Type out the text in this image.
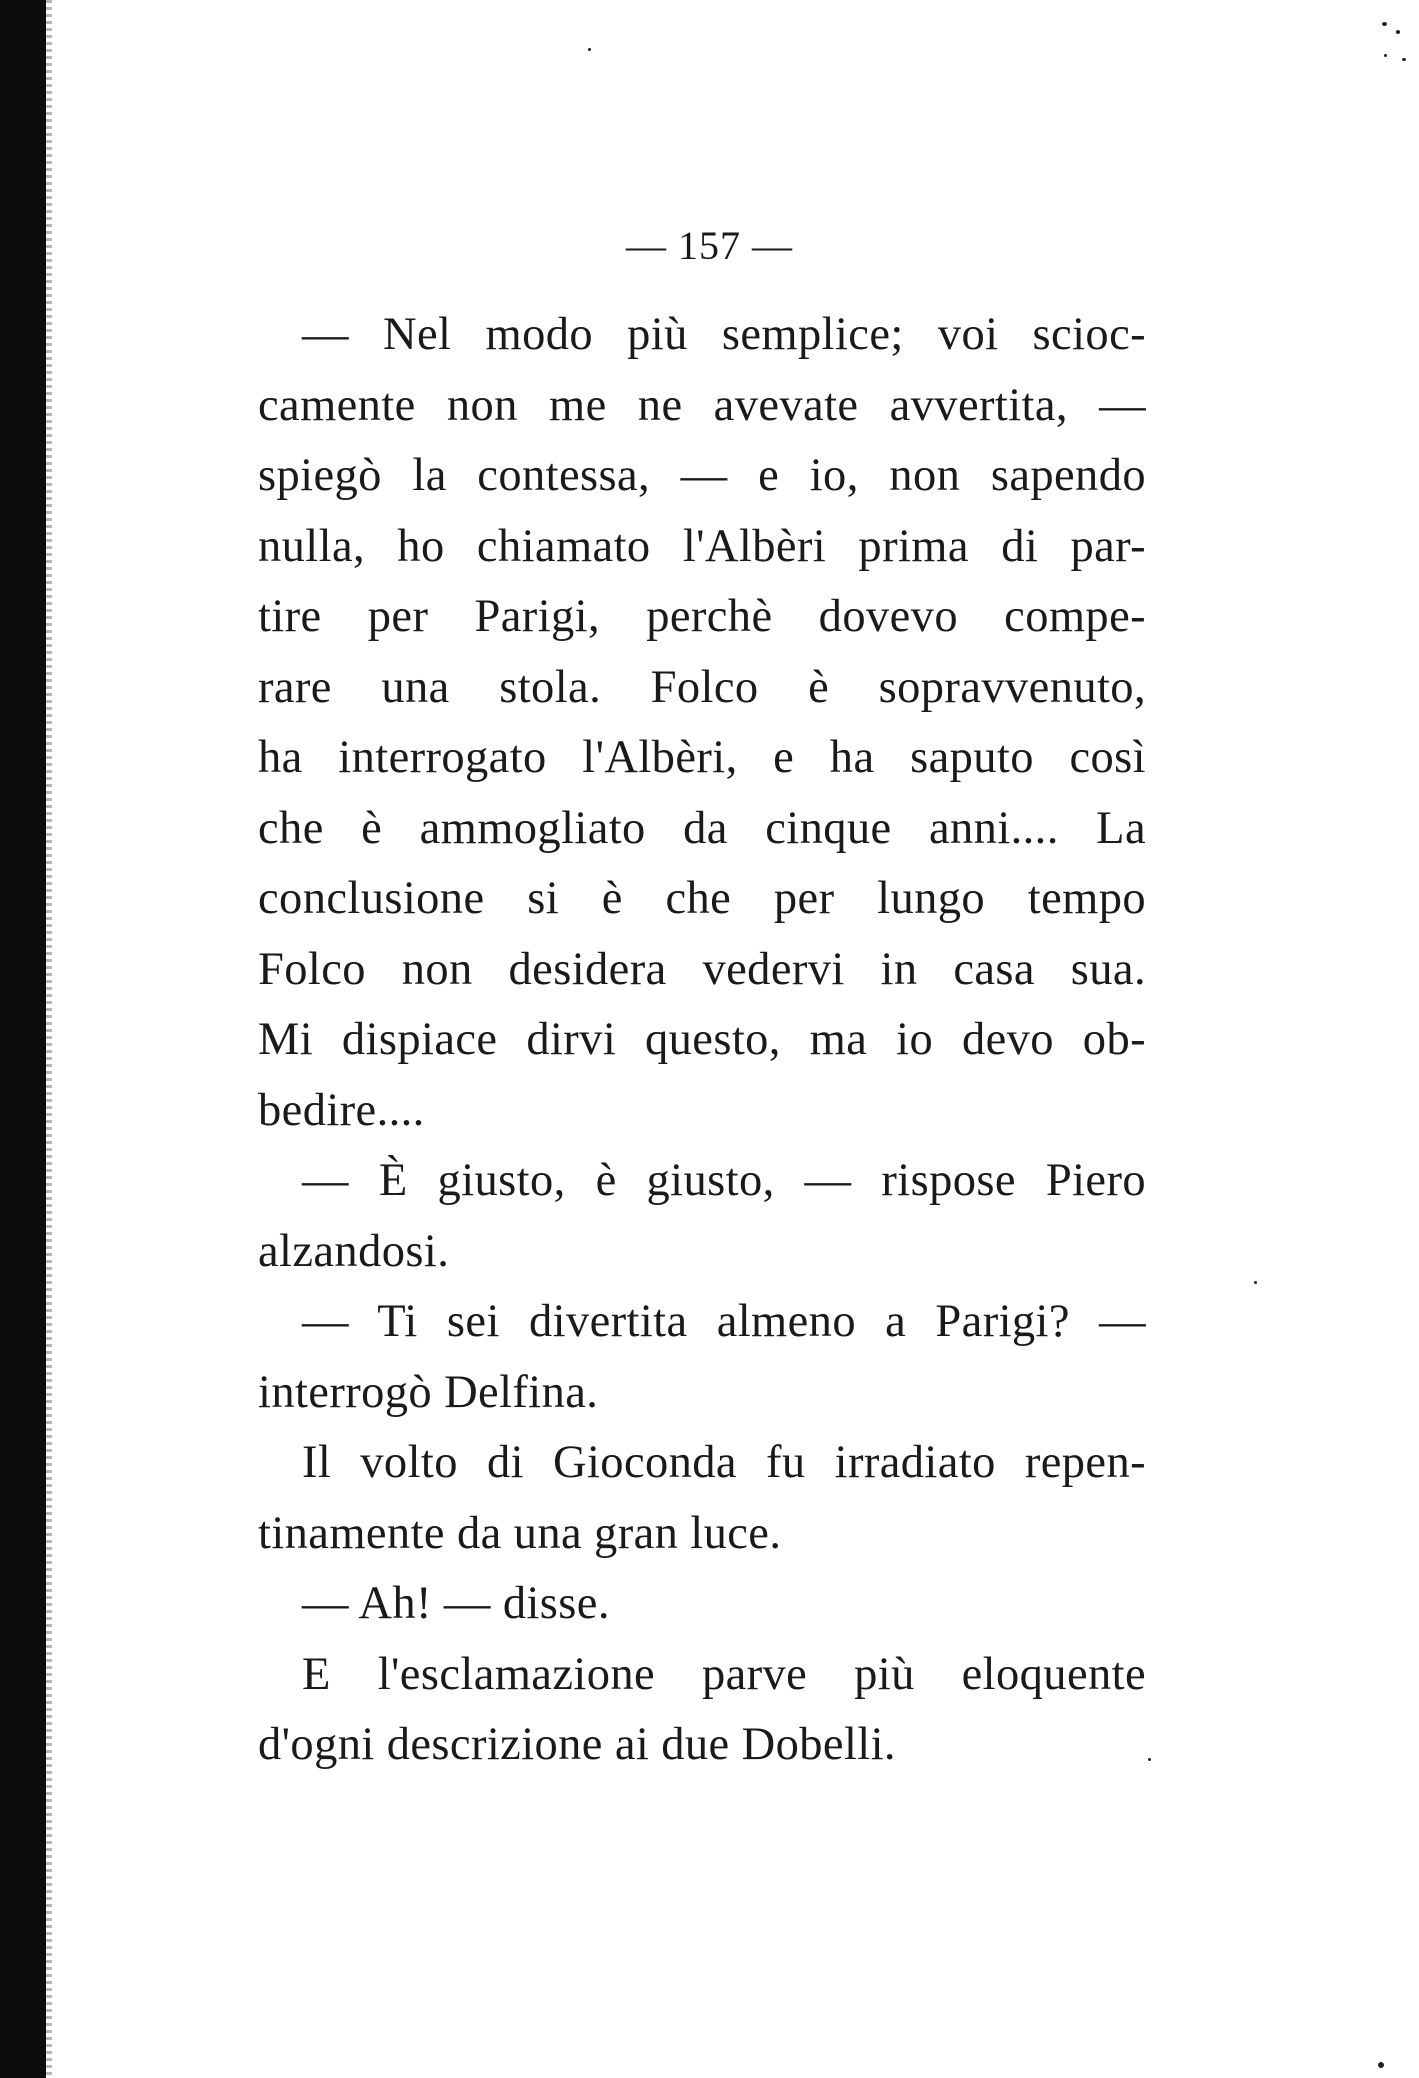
— 157 —
— Nel modo più semplice; voi scioc-
camente non me ne avevate avvertita, —
spiegò la contessa, — e io, non sapendo
nulla, ho chiamato l'Albèri prima di par-
tire per Parigi, perchè dovevo compe-
rare una stola. Folco è sopravvenuto,
ha interrogato l'Albèri, e ha saputo così
che è ammogliato da cinque anni.... La
conclusione si è che per lungo tempo
Folco non desidera vedervi in casa sua.
Mi dispiace dirvi questo, ma io devo ob-
bedire....
— È giusto, è giusto, — rispose Piero
alzandosi.
— Ti sei divertita almeno a Parigi? —
interrogò Delfina.
Il volto di Gioconda fu irradiato repen-
tinamente da una gran luce.
— Ah! — disse.
E l'esclamazione parve più eloquente
d'ogni descrizione ai due Dobelli.
